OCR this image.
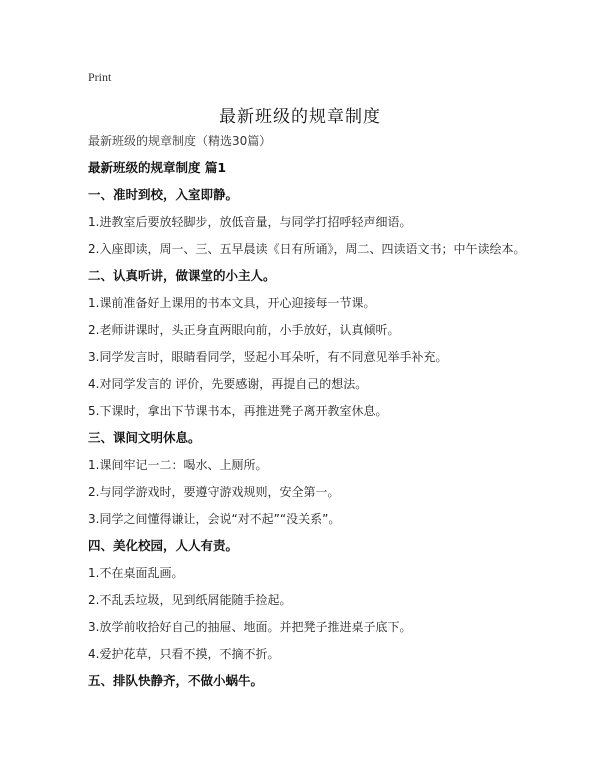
Print
最新班级的规章制度
最新班级的规章制度（精选30篇）
最新班级的规章制度 篇1
一、准时到校，入室即静。
1.进教室后要放轻脚步，放低音量，与同学打招呼轻声细语。
2.入座即读，周一、三、五早晨读《日有所诵》，周二、四读语文书；中午读绘本。
二、认真听讲，做课堂的小主人。
1.课前准备好上课用的书本文具，开心迎接每一节课。
2.老师讲课时，头正身直两眼向前，小手放好，认真倾听。
3.同学发言时，眼睛看同学，竖起小耳朵听，有不同意见举手补充。
4.对同学发言的 评价，先要感谢，再提自己的想法。
5.下课时，拿出下节课书本，再推进凳子离开教室休息。
三、课间文明休息。
1.课间牢记一二：喝水、上厕所。
2.与同学游戏时，要遵守游戏规则，安全第一。
3.同学之间懂得谦让，会说“对不起”“没关系”。
四、美化校园，人人有责。
1.不在桌面乱画。
2.不乱丢垃圾，见到纸屑能随手捡起。
3.放学前收拾好自己的抽屉、地面。并把凳子推进桌子底下。
4.爱护花草，只看不摸，不摘不折。
五、排队快静齐，不做小蜗牛。
